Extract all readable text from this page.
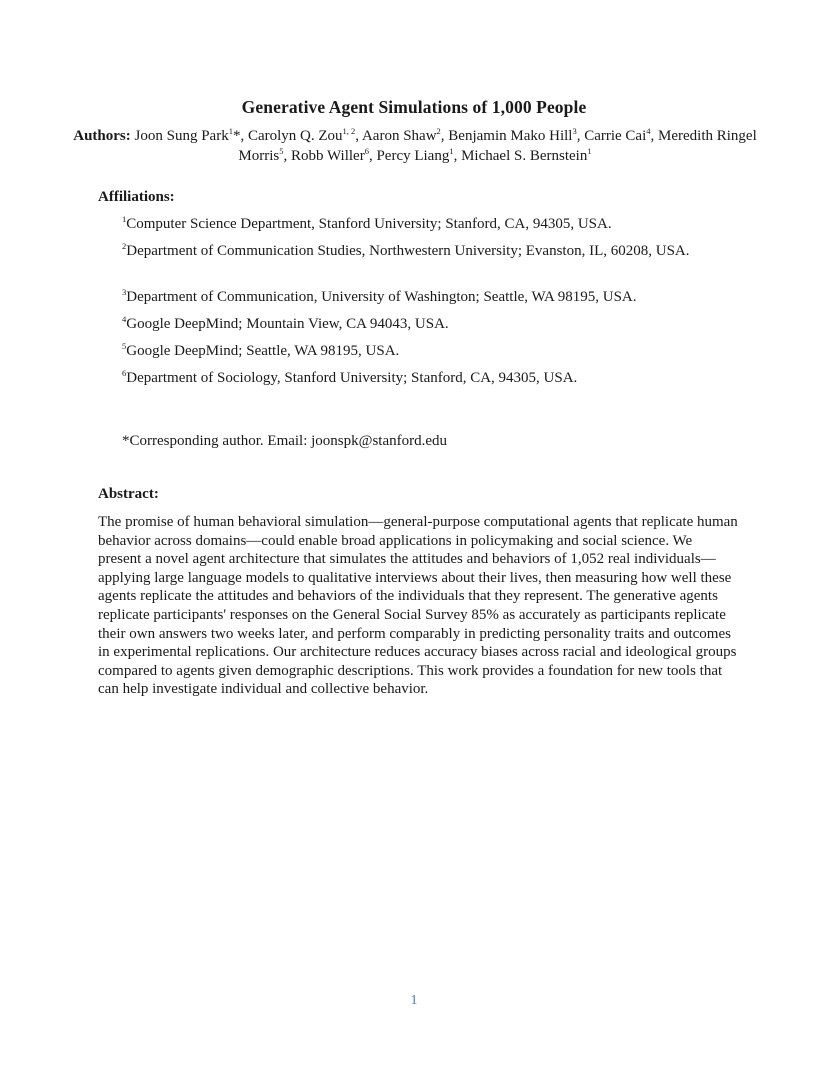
Generative Agent Simulations of 1,000 People
Authors: Joon Sung Park$^1$*, Carolyn Q. Zou$^{1, 2}$, Aaron Shaw$^2$, Benjamin Mako Hill$^3$, Carrie Cai$^4$, Meredith Ringel Morris$^5$, Robb Willer$^6$, Percy Liang$^1$, Michael S. Bernstein$^1$
Affiliations:
$^1$Computer Science Department, Stanford University; Stanford, CA, 94305, USA.
$^2$Department of Communication Studies, Northwestern University; Evanston, IL, 60208, USA.
$^3$Department of Communication, University of Washington; Seattle, WA 98195, USA.
$^4$Google DeepMind; Mountain View, CA 94043, USA.
$^5$Google DeepMind; Seattle, WA 98195, USA.
$^6$Department of Sociology, Stanford University; Stanford, CA, 94305, USA.
*Corresponding author. Email: joonspk@stanford.edu
Abstract:
The promise of human behavioral simulation—general-purpose computational agents that replicate human behavior across domains—could enable broad applications in policymaking and social science. We present a novel agent architecture that simulates the attitudes and behaviors of 1,052 real individuals—applying large language models to qualitative interviews about their lives, then measuring how well these agents replicate the attitudes and behaviors of the individuals that they represent. The generative agents replicate participants' responses on the General Social Survey 85% as accurately as participants replicate their own answers two weeks later, and perform comparably in predicting personality traits and outcomes in experimental replications. Our architecture reduces accuracy biases across racial and ideological groups compared to agents given demographic descriptions. This work provides a foundation for new tools that can help investigate individual and collective behavior.
1
